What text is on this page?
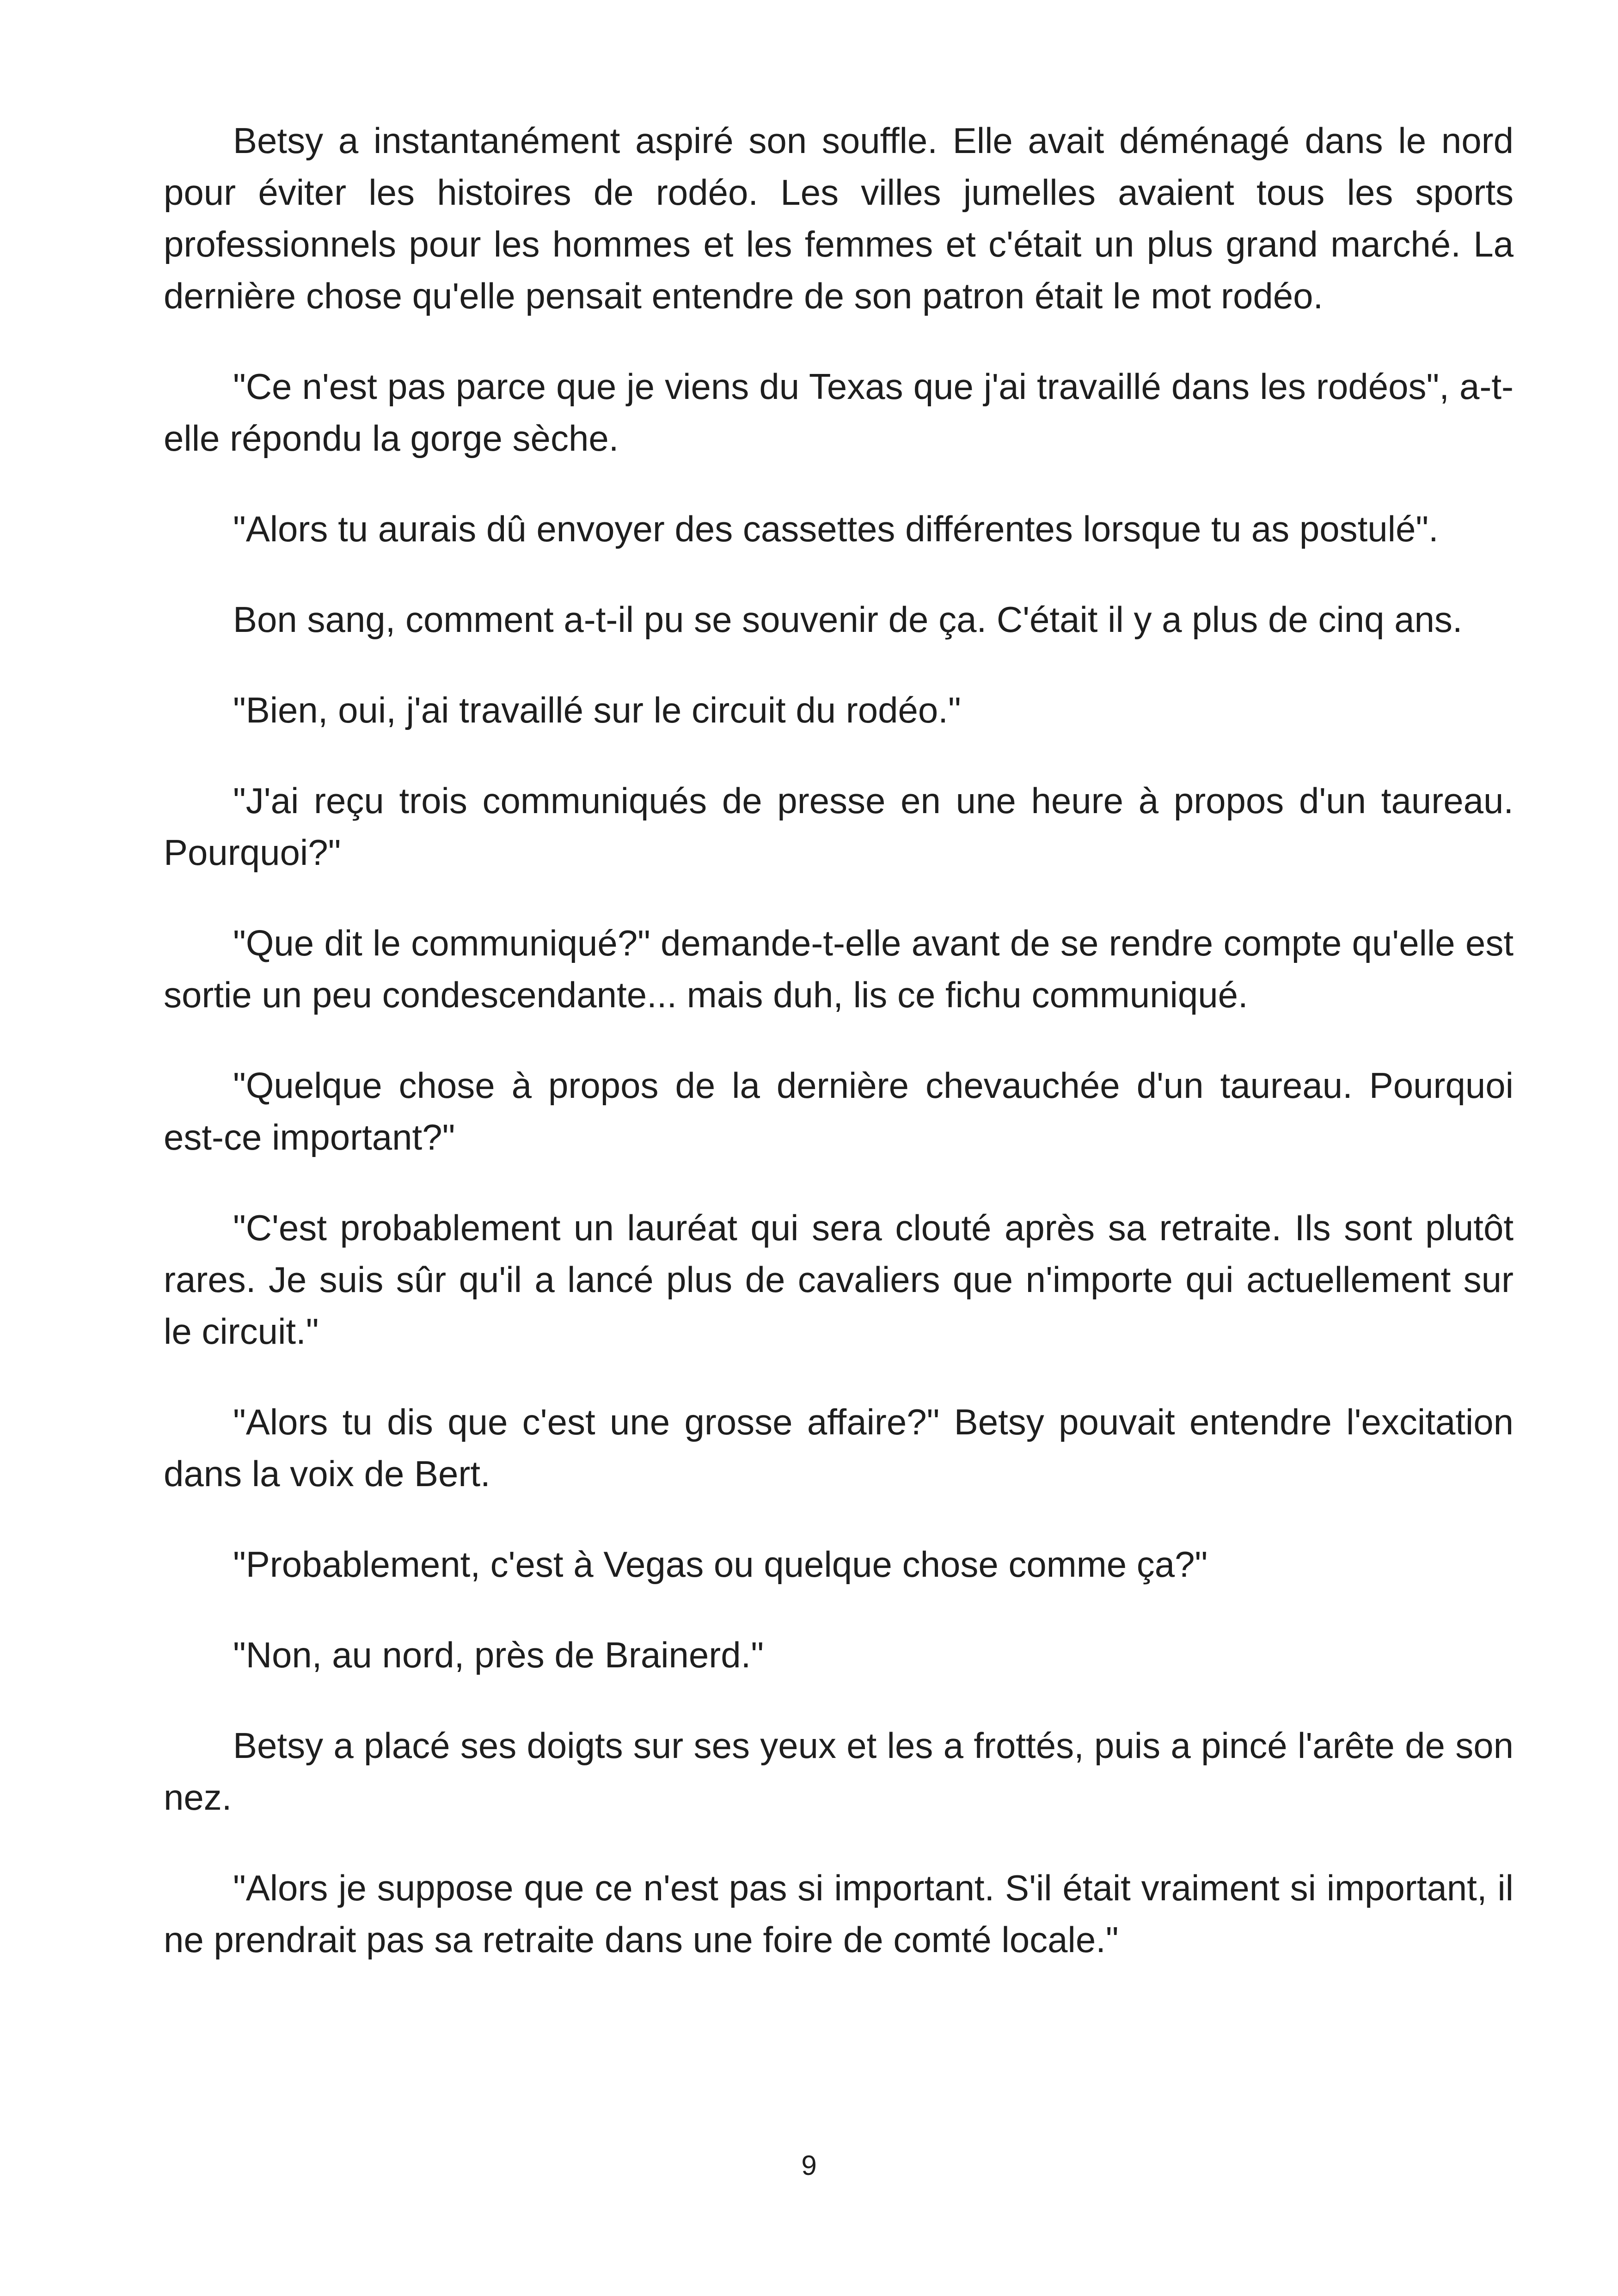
Betsy a instantanément aspiré son souffle. Elle avait déménagé dans le nord pour éviter les histoires de rodéo. Les villes jumelles avaient tous les sports professionnels pour les hommes et les femmes et c'était un plus grand marché. La dernière chose qu'elle pensait entendre de son patron était le mot rodéo.

"Ce n'est pas parce que je viens du Texas que j'ai travaillé dans les rodéos", a-t-elle répondu la gorge sèche.

"Alors tu aurais dû envoyer des cassettes différentes lorsque tu as postulé".

Bon sang, comment a-t-il pu se souvenir de ça. C'était il y a plus de cinq ans.

"Bien, oui, j'ai travaillé sur le circuit du rodéo."

"J'ai reçu trois communiqués de presse en une heure à propos d'un taureau. Pourquoi?"

"Que dit le communiqué?" demande-t-elle avant de se rendre compte qu'elle est sortie un peu condescendante... mais duh, lis ce fichu communiqué.

"Quelque chose à propos de la dernière chevauchée d'un taureau. Pourquoi est-ce important?"

"C'est probablement un lauréat qui sera clouté après sa retraite. Ils sont plutôt rares. Je suis sûr qu'il a lancé plus de cavaliers que n'importe qui actuellement sur le circuit."

"Alors tu dis que c'est une grosse affaire?" Betsy pouvait entendre l'excitation dans la voix de Bert.

"Probablement, c'est à Vegas ou quelque chose comme ça?"

"Non, au nord, près de Brainerd."

Betsy a placé ses doigts sur ses yeux et les a frottés, puis a pincé l'arête de son nez.

"Alors je suppose que ce n'est pas si important. S'il était vraiment si important, il ne prendrait pas sa retraite dans une foire de comté locale."

9
